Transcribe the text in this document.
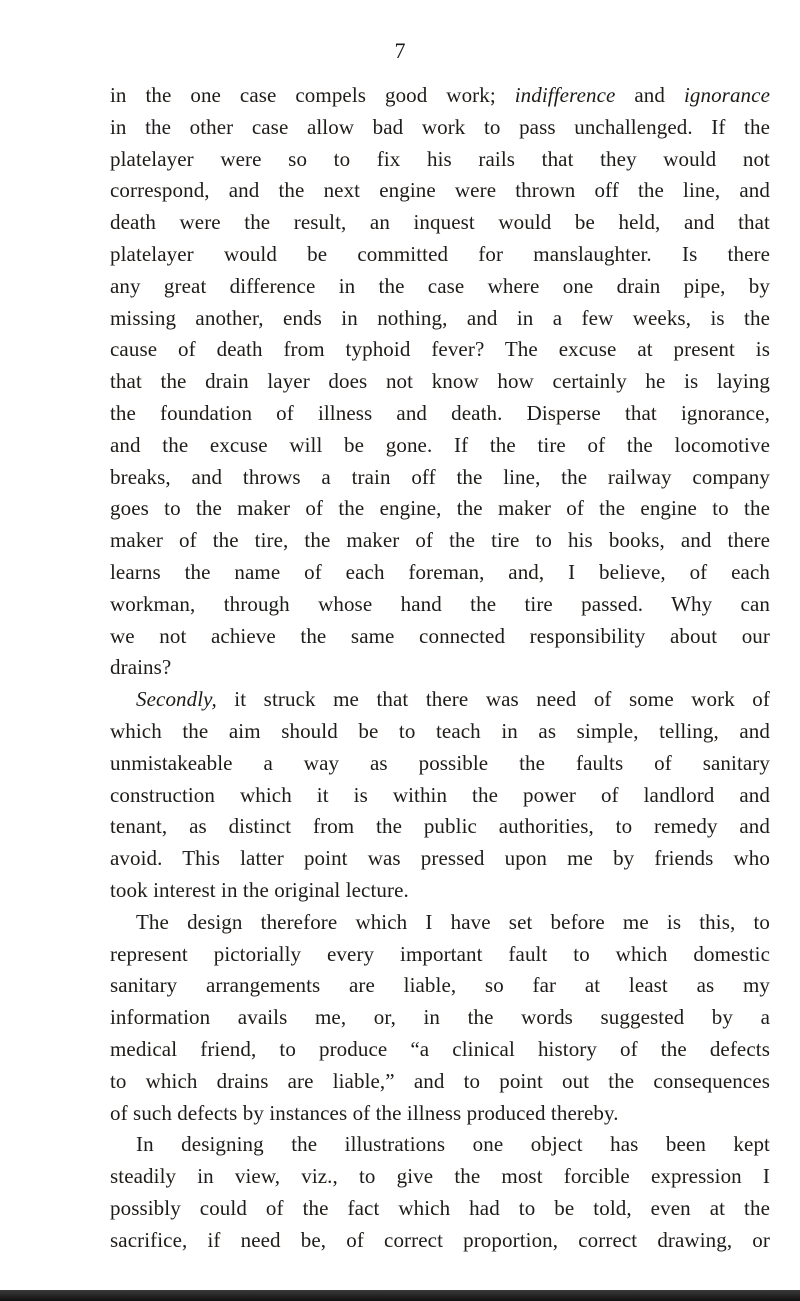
7
in the one case compels good work; indifference and ignorance
in the other case allow bad work to pass unchallenged. If the
platelayer were so to fix his rails that they would not
correspond, and the next engine were thrown off the line, and
death were the result, an inquest would be held, and that
platelayer would be committed for manslaughter. Is there
any great difference in the case where one drain pipe, by
missing another, ends in nothing, and in a few weeks, is the
cause of death from typhoid fever? The excuse at present is
that the drain layer does not know how certainly he is laying
the foundation of illness and death. Disperse that ignorance,
and the excuse will be gone. If the tire of the locomotive
breaks, and throws a train off the line, the railway company
goes to the maker of the engine, the maker of the engine to the
maker of the tire, the maker of the tire to his books, and there
learns the name of each foreman, and, I believe, of each
workman, through whose hand the tire passed. Why can
we not achieve the same connected responsibility about our
drains?
Secondly, it struck me that there was need of some work of
which the aim should be to teach in as simple, telling, and
unmistakeable a way as possible the faults of sanitary
construction which it is within the power of landlord and
tenant, as distinct from the public authorities, to remedy and
avoid. This latter point was pressed upon me by friends who
took interest in the original lecture.
The design therefore which I have set before me is this, to
represent pictorially every important fault to which domestic
sanitary arrangements are liable, so far at least as my
information avails me, or, in the words suggested by a
medical friend, to produce “a clinical history of the defects
to which drains are liable,” and to point out the consequences
of such defects by instances of the illness produced thereby.
In designing the illustrations one object has been kept
steadily in view, viz., to give the most forcible expression I
possibly could of the fact which had to be told, even at the
sacrifice, if need be, of correct proportion, correct drawing, or
